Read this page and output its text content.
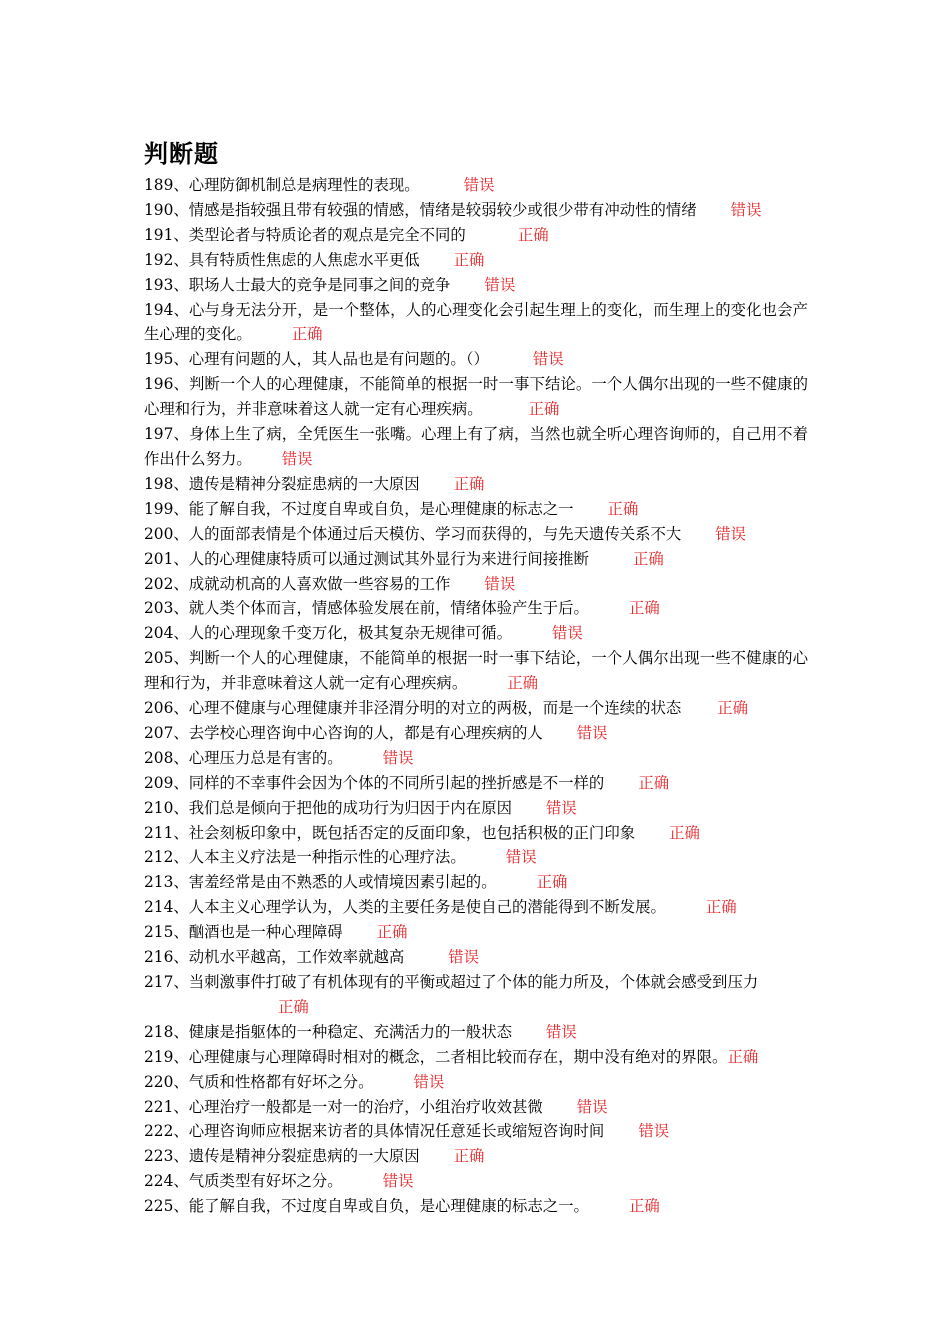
判断题
189、心理防御机制总是病理性的表现。	错误
190、情感是指较强且带有较强的情感，情绪是较弱较少或很少带有冲动性的情绪 错误
191、类型论者与特质论者的观点是完全不同的	正确
192、具有特质性焦虑的人焦虑水平更低 正确
193、职场人士最大的竞争是同事之间的竞争 错误
194、心与身无法分开，是一个整体，人的心理变化会引起生理上的变化，而生理上的变化也会产生心理的变化。	正确
195、心理有问题的人，其人品也是有问题的。（）	错误
196、判断一个人的心理健康，不能简单的根据一时一事下结论。一个人偶尔出现的一些不健康的心理和行为，并非意味着这人就一定有心理疾病。	正确
197、身体上生了病，全凭医生一张嘴。心理上有了病，当然也就全听心理咨询师的，自己用不着作出什么努力。 错误
198、遗传是精神分裂症患病的一大原因 正确
199、能了解自我，不过度自卑或自负，是心理健康的标志之一 正确
200、人的面部表情是个体通过后天模仿、学习而获得的，与先天遗传关系不大 错误
201、人的心理健康特质可以通过测试其外显行为来进行间接推断	正确
202、成就动机高的人喜欢做一些容易的工作 错误
203、就人类个体而言，情感体验发展在前，情绪体验产生于后。	正确
204、人的心理现象千变万化，极其复杂无规律可循。	错误
205、判断一个人的心理健康，不能简单的根据一时一事下结论，一个人偶尔出现一些不健康的心理和行为，并非意味着这人就一定有心理疾病。	正确
206、心理不健康与心理健康并非泾渭分明的对立的两极，而是一个连续的状态 正确
207、去学校心理咨询中心咨询的人，都是有心理疾病的人 错误
208、心理压力总是有害的。	错误
209、同样的不幸事件会因为个体的不同所引起的挫折感是不一样的 正确
210、我们总是倾向于把他的成功行为归因于内在原因 错误
211、社会刻板印象中，既包括否定的反面印象，也包括积极的正门印象 正确
212、人本主义疗法是一种指示性的心理疗法。	错误
213、害羞经常是由不熟悉的人或情境因素引起的。	正确
214、人本主义心理学认为，人类的主要任务是使自己的潜能得到不断发展。	正确
215、酗酒也是一种心理障碍 正确
216、动机水平越高，工作效率就越高	错误
217、当刺激事件打破了有机体现有的平衡或超过了个体的能力所及，个体就会感受到压力
正确
218、健康是指躯体的一种稳定、充满活力的一般状态 错误
219、心理健康与心理障碍时相对的概念，二者相比较而存在，期中没有绝对的界限。正确
220、气质和性格都有好坏之分。	错误
221、心理治疗一般都是一对一的治疗，小组治疗收效甚微 错误
222、心理咨询师应根据来访者的具体情况任意延长或缩短咨询时间 错误
223、遗传是精神分裂症患病的一大原因 正确
224、气质类型有好坏之分。	错误
225、能了解自我，不过度自卑或自负，是心理健康的标志之一。	正确
